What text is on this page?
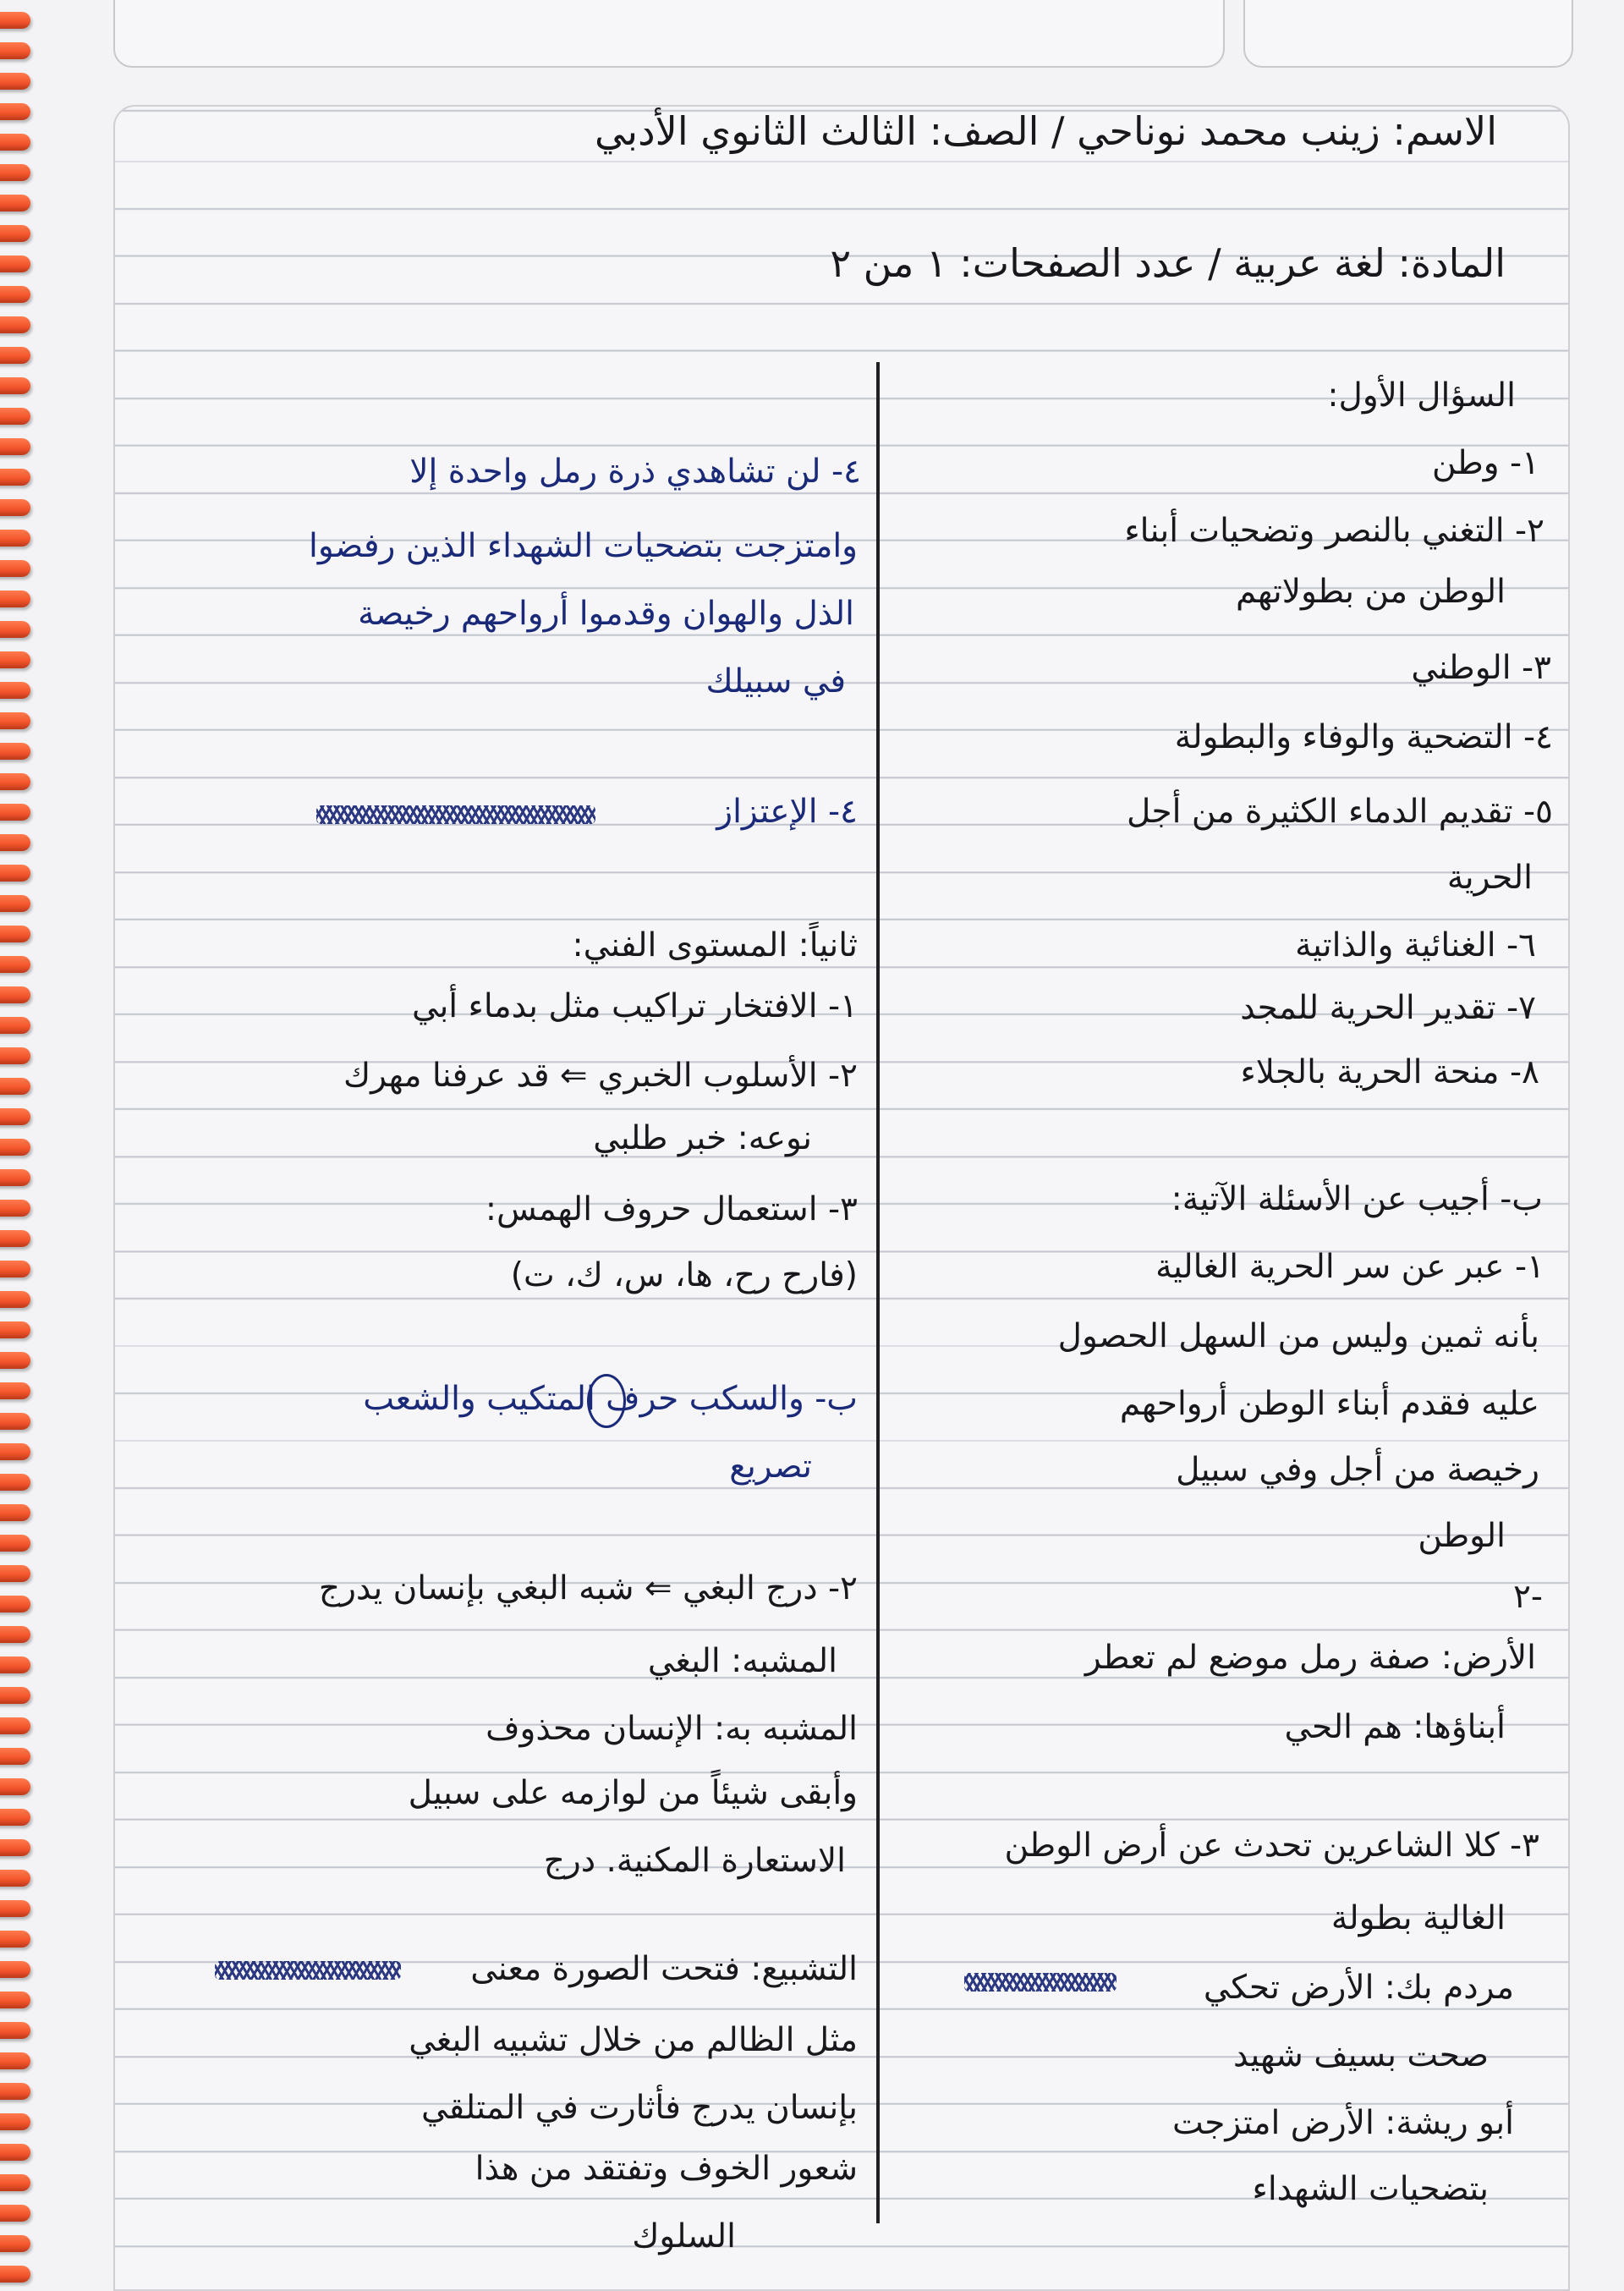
الاسم: زينب محمد نوناحي / الصف: الثالث الثانوي الأدبي
المادة: لغة عربية / عدد الصفحات: ١ من ٢
السؤال الأول:
١- وطن
٢- التغني بالنصر وتضحيات أبناء
الوطن من بطولاتهم
٣- الوطني
٤- التضحية والوفاء والبطولة
٥- تقديم الدماء الكثيرة من أجل
الحرية
٦- الغنائية والذاتية
٧- تقدير الحرية للمجد
٨- منحة الحرية بالجلاء
ب- أجيب عن الأسئلة الآتية:
١- عبر عن سر الحرية الغالية
بأنه ثمين وليس من السهل الحصول
عليه فقدم أبناء الوطن أرواحهم
رخيصة من أجل وفي سبيل
الوطن
٢-
الأرض: صفة رمل موضع لم تعطر
أبناؤها: هم الحي
٣- كلا الشاعرين تحدث عن أرض الوطن
الغالية بطولة
مردم بك: الأرض تحكي
صحت بسيف شهيد
أبو ريشة: الأرض امتزجت
بتضحيات الشهداء
٤- لن تشاهدي ذرة رمل واحدة إلا
وامتزجت بتضحيات الشهداء الذين رفضوا
الذل والهوان وقدموا أرواحهم رخيصة
في سبيلك
٤- الإعتزاز
ثانياً: المستوى الفني:
١- الافتخار تراكيب مثل بدماء أبي
٢- الأسلوب الخبري ⇐ قد عرفنا مهرك
نوعه: خبر طلبي
٣- استعمال حروف الهمس:
(فارح رح، ها، س، ك، ت)
ب- والسكب حرف المتكيب والشعب
تصريع
٢- درج البغي ⇐ شبه البغي بإنسان يدرج
المشبه: البغي
المشبه به: الإنسان محذوف
وأبقى شيئاً من لوازمه على سبيل
الاستعارة المكنية. درج
التشبيع: فتحت الصورة معنى
مثل الظالم من خلال تشبيه البغي
بإنسان يدرج فأثارت في المتلقي
شعور الخوف وتفتقد من هذا
السلوك
